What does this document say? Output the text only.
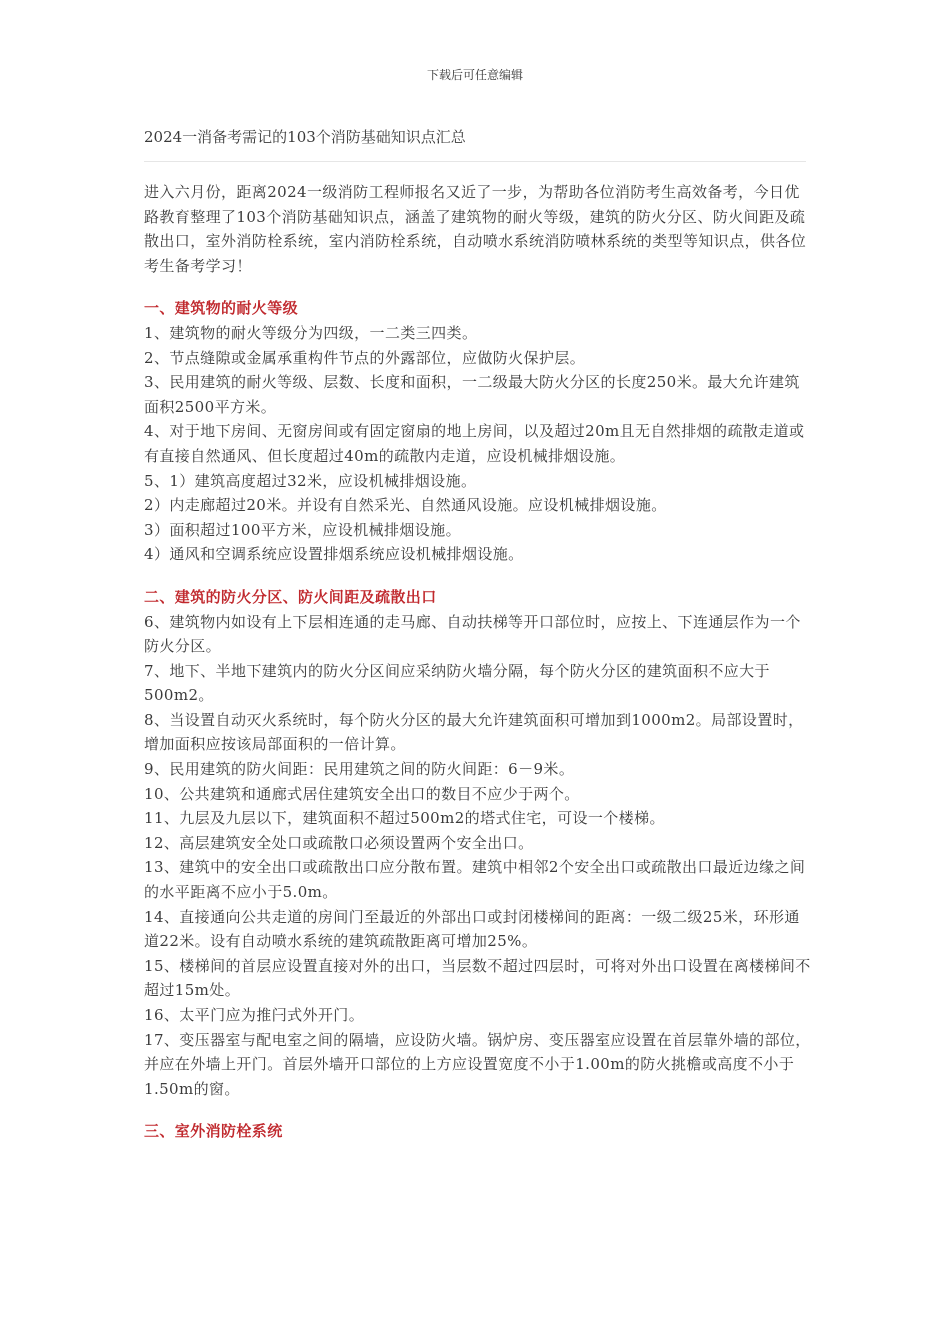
下载后可任意编辑
2024一消备考需记的103个消防基础知识点汇总

进入六月份，距离2024一级消防工程师报名又近了一步，为帮助各位消防考生高效备考，今日优路教育整理了103个消防基础知识点，涵盖了建筑物的耐火等级，建筑的防火分区、防火间距及疏散出口，室外消防栓系统，室内消防栓系统，自动喷水系统消防喷林系统的类型等知识点，供各位考生备考学习！

一、建筑物的耐火等级

1、建筑物的耐火等级分为四级，一二类三四类。

2、节点缝隙或金属承重构件节点的外露部位，应做防火保护层。

3、民用建筑的耐火等级、层数、长度和面积，一二级最大防火分区的长度250米。最大允许建筑面积2500平方米。

4、对于地下房间、无窗房间或有固定窗扇的地上房间，以及超过20m且无自然排烟的疏散走道或有直接自然通风、但长度超过40m的疏散内走道，应设机械排烟设施。

5、1）建筑高度超过32米，应设机械排烟设施。

2）内走廊超过20米。并设有自然采光、自然通风设施。应设机械排烟设施。

3）面积超过100平方米，应设机械排烟设施。

4）通风和空调系统应设置排烟系统应设机械排烟设施。

二、建筑的防火分区、防火间距及疏散出口

6、建筑物内如设有上下层相连通的走马廊、自动扶梯等开口部位时，应按上、下连通层作为一个防火分区。

7、地下、半地下建筑内的防火分区间应采纳防火墙分隔，每个防火分区的建筑面积不应大于500m2。

8、当设置自动灭火系统时，每个防火分区的最大允许建筑面积可增加到1000m2。局部设置时，增加面积应按该局部面积的一倍计算。

9、民用建筑的防火间距：民用建筑之间的防火间距：6－9米。

10、公共建筑和通廊式居住建筑安全出口的数目不应少于两个。

11、九层及九层以下，建筑面积不超过500m2的塔式住宅，可设一个楼梯。

12、高层建筑安全处口或疏散口必须设置两个安全出口。

13、建筑中的安全出口或疏散出口应分散布置。建筑中相邻2个安全出口或疏散出口最近边缘之间的水平距离不应小于5.0m。

14、直接通向公共走道的房间门至最近的外部出口或封闭楼梯间的距离：一级二级25米，环形通道22米。设有自动喷水系统的建筑疏散距离可增加25%。

15、楼梯间的首层应设置直接对外的出口，当层数不超过四层时，可将对外出口设置在离楼梯间不超过15m处。

16、太平门应为推闩式外开门。

17、变压器室与配电室之间的隔墙，应设防火墙。锅炉房、变压器室应设置在首层靠外墙的部位，并应在外墙上开门。首层外墙开口部位的上方应设置宽度不小于1.00m的防火挑檐或高度不小于1.50m的窗。

三、室外消防栓系统
